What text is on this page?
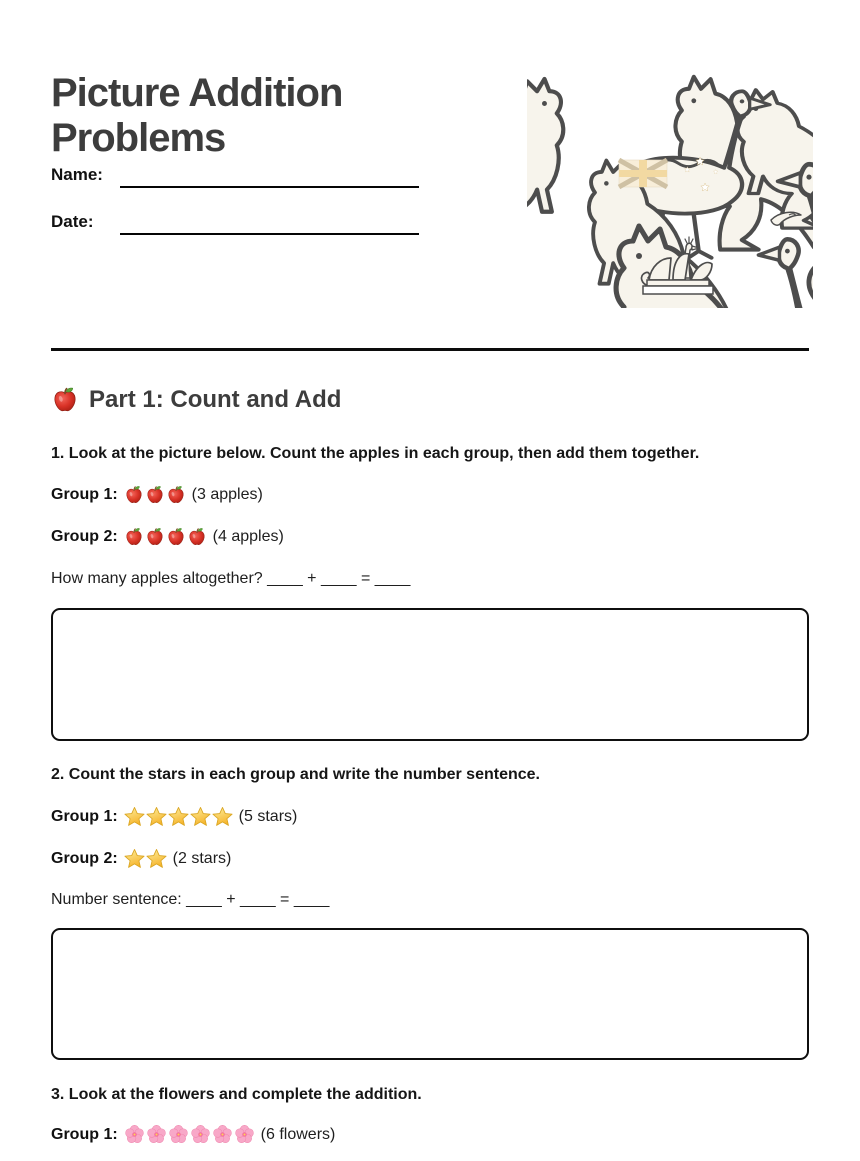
Picture Addition Problems
Name:
Date:
Part 1: Count and Add
1. Look at the picture below. Count the apples in each group, then add them together.
Group 1:	(3 apples)
Group 2:	(4 apples)
How many apples altogether? ____ + ____ = ____
2. Count the stars in each group and write the number sentence.
Group 1:	(5 stars)
Group 2:	(2 stars)
Number sentence: ____ + ____ = ____
3. Look at the flowers and complete the addition.
Group 1:	(6 flowers)
